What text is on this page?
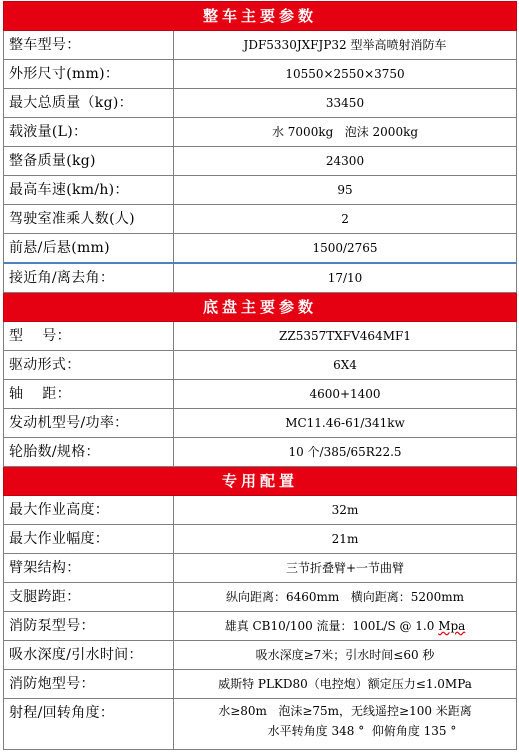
整车主要参数	
整车型号：	JDF5330JXFJP32 型举高喷射消防车
外形尺寸(mm)：	10550×2550×3750
最大总质量（kg)：	33450
载液量(L)：	水 7000kg   泡沫 2000kg
整备质量(kg)	24300
最高车速(km/h)：	95
驾驶室准乘人数(人)	2
前悬/后悬(mm)	1500/2765
接近角/离去角：	17/10
底盘主要参数	
型    号：	ZZ5357TXFV464MF1
驱动形式：	6X4
轴    距：	4600+1400
发动机型号/功率：	MC11.46-61/341kw
轮胎数/规格：	10 个/385/65R22.5
专用配置	
最大作业高度：	32m
最大作业幅度：	21m
臂架结构：	三节折叠臂+一节曲臂
支腿跨距：	纵向距离：6460mm   横向距离：5200mm
消防泵型号：	雄真 CB10/100 流量：100L/S @ 1.0 Mpa
吸水深度/引水时间：	吸水深度≥7米；引水时间≤60 秒
消防炮型号：	威斯特 PLKD80（电控炮）额定压力≤1.0MPa
射程/回转角度：	水≥80m   泡沫≥75m，无线遥控≥100 米距离
水平转角度 348 °  仰俯角度 135 °
